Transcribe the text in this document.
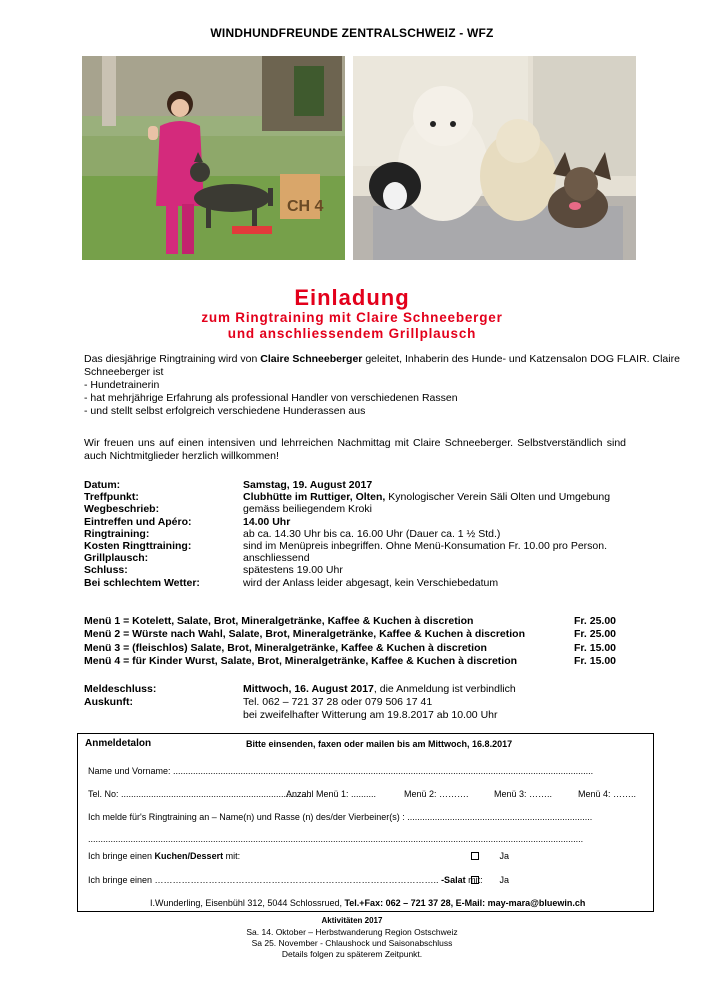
WINDHUNDFREUNDE ZENTRALSCHWEIZ - WFZ
CH 4
Einladung
zum Ringtraining mit Claire Schneeberger
und anschliessendem Grillplausch
Das diesjährige Ringtraining wird von Claire Schneeberger geleitet, Inhaberin des Hunde- und Katzensalon DOG FLAIR. Claire
Schneeberger ist
- Hundetrainerin
- hat mehrjährige Erfahrung als professional Handler von verschiedenen Rassen
- und stellt selbst erfolgreich verschiedene Hunderassen aus
Wir freuen uns auf einen intensiven und lehrreichen Nachmittag mit Claire Schneeberger. Selbstverständlich sind auch Nichtmitglieder herzlich willkommen!
Datum:	Samstag, 19. August 2017
Treffpunkt:	Clubhütte im Ruttiger, Olten, Kynologischer Verein Säli Olten und Umgebung
Wegbeschrieb:	gemäss beiliegendem Kroki
Eintreffen und Apéro:	14.00 Uhr
Ringtraining:	ab ca. 14.30 Uhr bis ca. 16.00 Uhr (Dauer ca. 1 ½ Std.)
Kosten Ringttraining:	sind im Menüpreis inbegriffen. Ohne Menü-Konsumation Fr. 10.00 pro Person.
Grillplausch:	anschliessend
Schluss:	spätestens 19.00 Uhr
Bei schlechtem Wetter:	wird der Anlass leider abgesagt, kein Verschiebedatum
Menü 1 = Kotelett, Salate, Brot, Mineralgetränke, Kaffee & Kuchen à discretion	Fr. 25.00
Menü 2 = Würste nach Wahl, Salate, Brot, Mineralgetränke, Kaffee & Kuchen à discretion	Fr. 25.00
Menü 3 = (fleischlos) Salate, Brot, Mineralgetränke, Kaffee & Kuchen à discretion	Fr. 15.00
Menü 4 = für Kinder Wurst, Salate, Brot, Mineralgetränke, Kaffee & Kuchen à discretion	Fr. 15.00
Meldeschluss:	Mittwoch, 16. August 2017, die Anmeldung ist verbindlich
Auskunft:	Tel. 062 – 721 37 28 oder 079 506 17 41
bei zweifelhafter Witterung am 19.8.2017 ab 10.00 Uhr
Anmeldetalon	Bitte einsenden, faxen oder mailen bis am Mittwoch, 16.8.2017
Name und Vorname: ........................................................................................................................................................................
Tel. No: ............................................................................
Anzahl Menü 1: ..........	Menü 2: ……….	Menü 3: ……..	Menü 4: ……..
Ich melde für's Ringtraining an – Name(n) und Rasse (n) des/der Vierbeiner(s) : ..........................................................................
......................................................................................................................................................................................................
Ich bringe einen Kuchen/Dessert mit:	Ja
Ich bringe einen ………………………………………………………………………………….. -Salat mit:	Ja
I.Wunderling, Eisenbühl 312, 5044 Schlossrued, Tel.+Fax: 062 – 721 37 28, E-Mail: may-mara@bluewin.ch
Aktivitäten 2017
Sa. 14. Oktober – Herbstwanderung Region Ostschweiz
Sa 25. November - Chlaushock und Saisonabschluss
Details folgen zu späterem Zeitpunkt.
